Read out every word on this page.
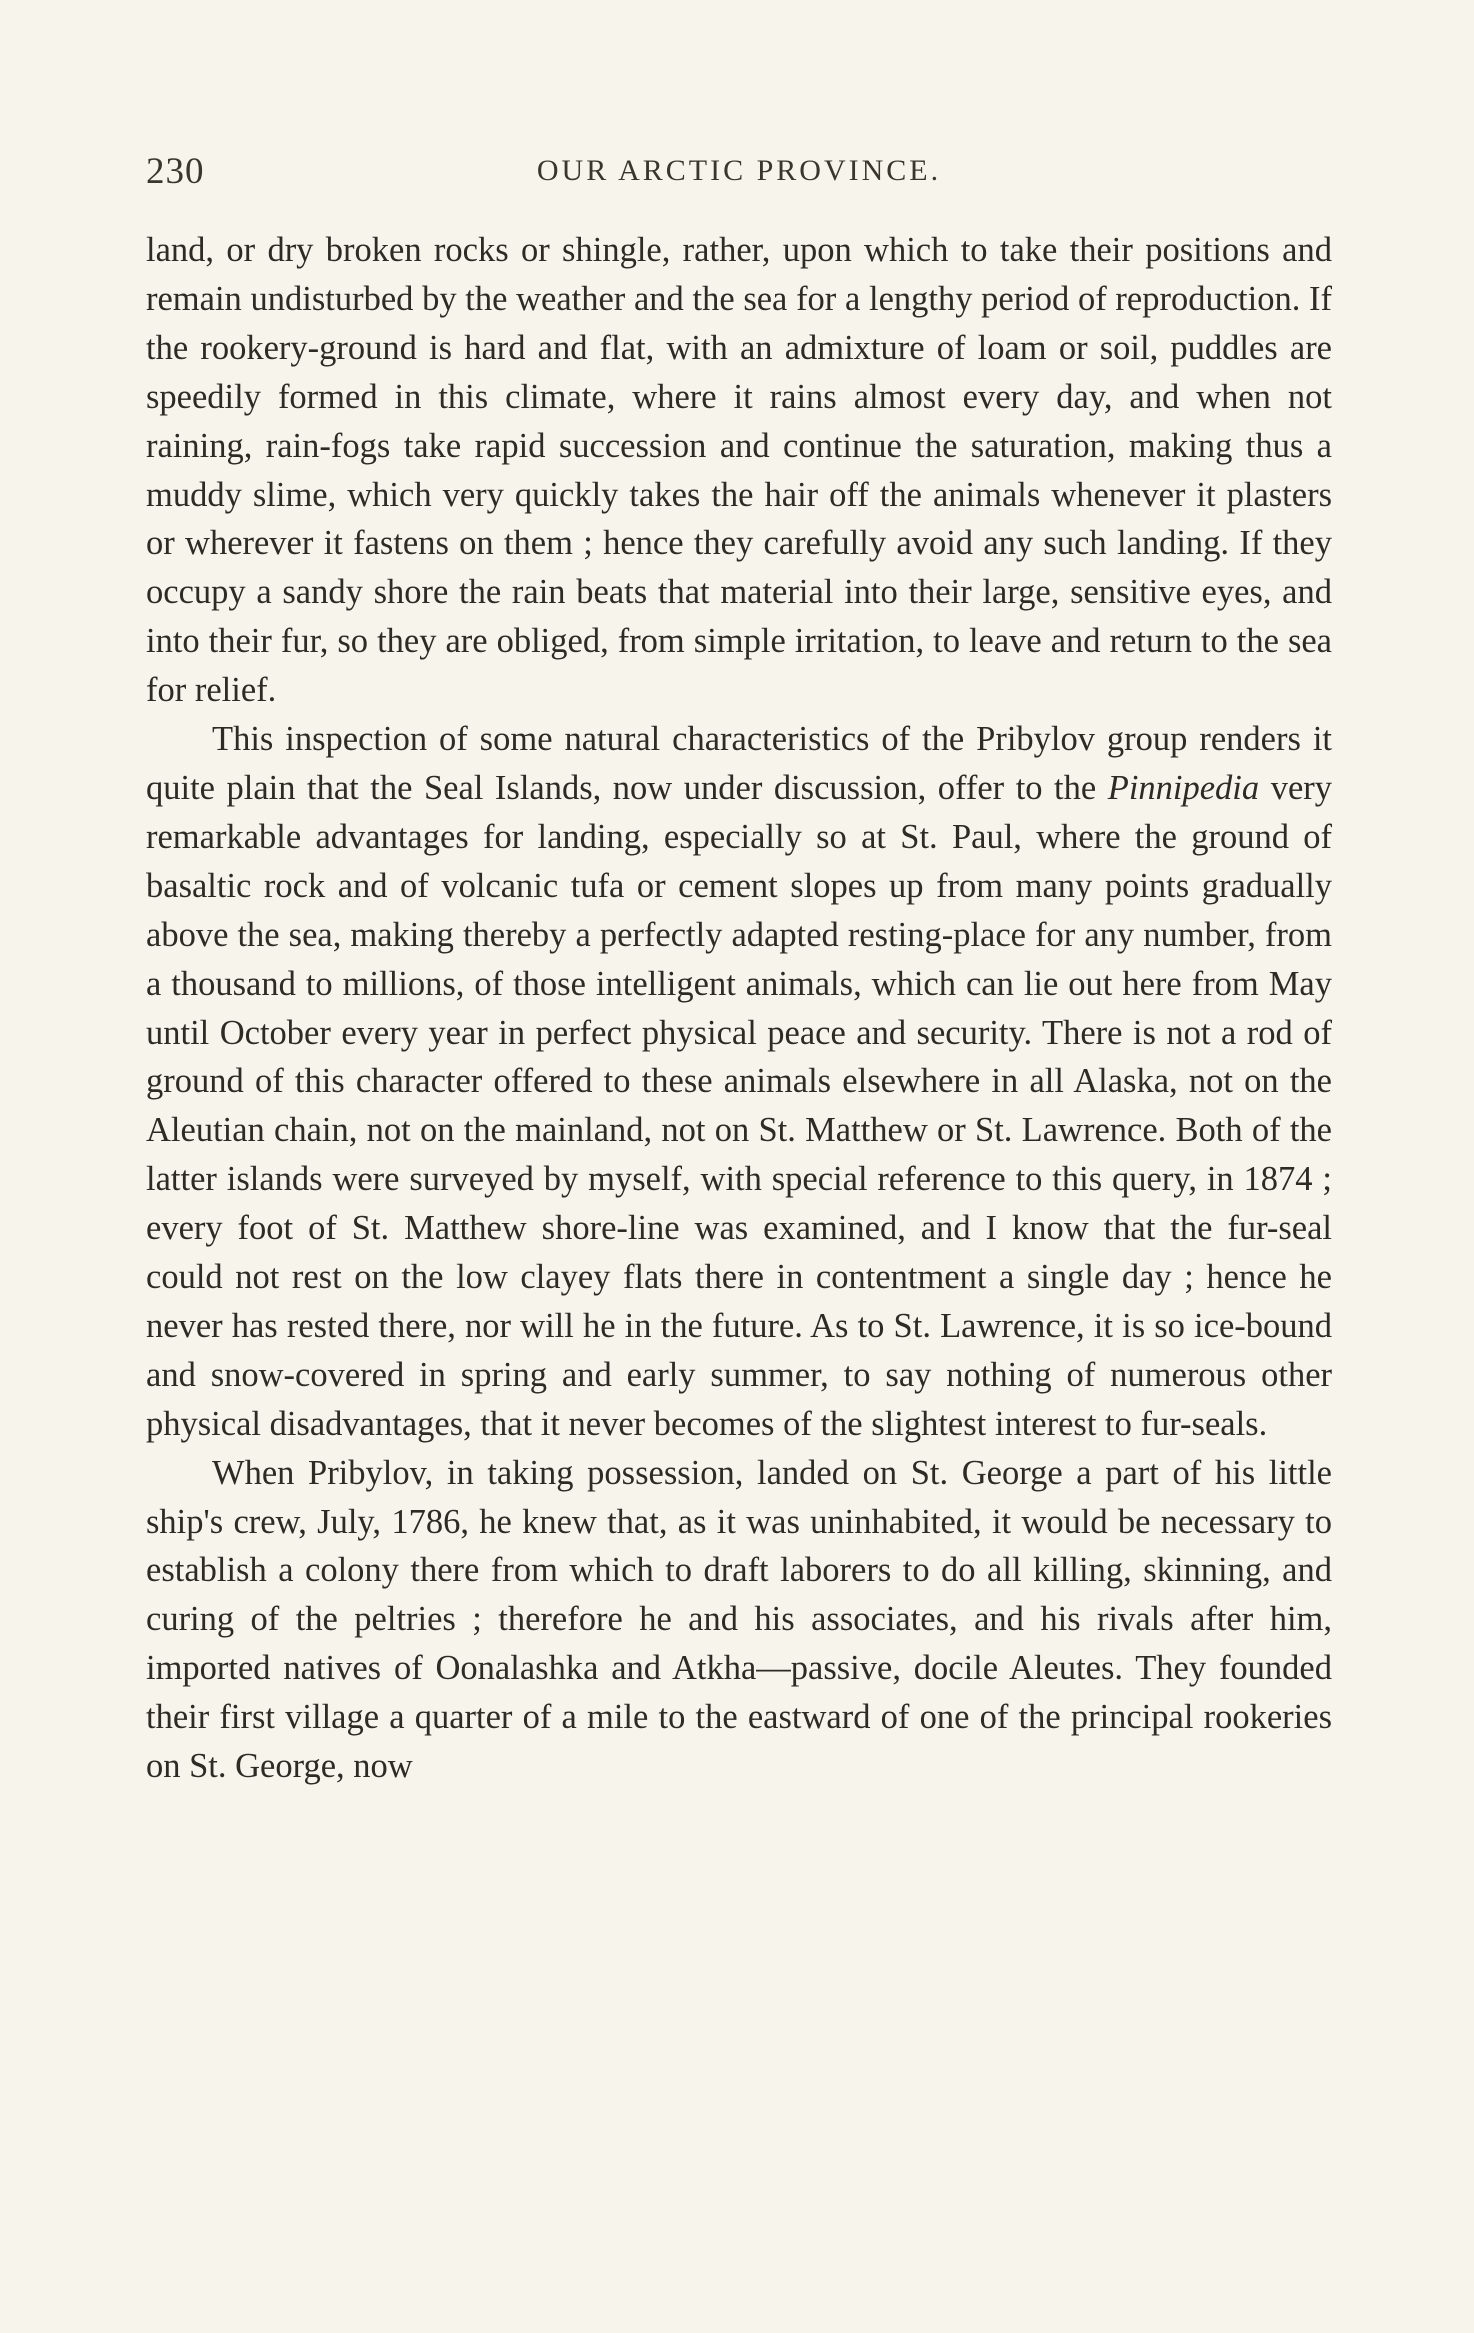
230	OUR ARCTIC PROVINCE.

land, or dry broken rocks or shingle, rather, upon which to take their positions and remain undisturbed by the weather and the sea for a lengthy period of reproduction. If the rookery-ground is hard and flat, with an admixture of loam or soil, puddles are speedily formed in this climate, where it rains almost every day, and when not raining, rain-fogs take rapid succession and continue the saturation, making thus a muddy slime, which very quickly takes the hair off the animals whenever it plasters or wherever it fastens on them ; hence they carefully avoid any such landing. If they occupy a sandy shore the rain beats that material into their large, sensitive eyes, and into their fur, so they are obliged, from simple irritation, to leave and return to the sea for relief.

This inspection of some natural characteristics of the Pribylov group renders it quite plain that the Seal Islands, now under discussion, offer to the Pinnipedia very remarkable advantages for landing, especially so at St. Paul, where the ground of basaltic rock and of volcanic tufa or cement slopes up from many points gradually above the sea, making thereby a perfectly adapted resting-place for any number, from a thousand to millions, of those intelligent animals, which can lie out here from May until October every year in perfect physical peace and security. There is not a rod of ground of this character offered to these animals elsewhere in all Alaska, not on the Aleutian chain, not on the mainland, not on St. Matthew or St. Lawrence. Both of the latter islands were surveyed by myself, with special reference to this query, in 1874 ; every foot of St. Matthew shore-line was examined, and I know that the fur-seal could not rest on the low clayey flats there in contentment a single day ; hence he never has rested there, nor will he in the future. As to St. Lawrence, it is so ice-bound and snow-covered in spring and early summer, to say nothing of numerous other physical disadvantages, that it never becomes of the slightest interest to fur-seals.

When Pribylov, in taking possession, landed on St. George a part of his little ship's crew, July, 1786, he knew that, as it was uninhabited, it would be necessary to establish a colony there from which to draft laborers to do all killing, skinning, and curing of the peltries ; therefore he and his associates, and his rivals after him, imported natives of Oonalashka and Atkha—passive, docile Aleutes. They founded their first village a quarter of a mile to the eastward of one of the principal rookeries on St. George, now
